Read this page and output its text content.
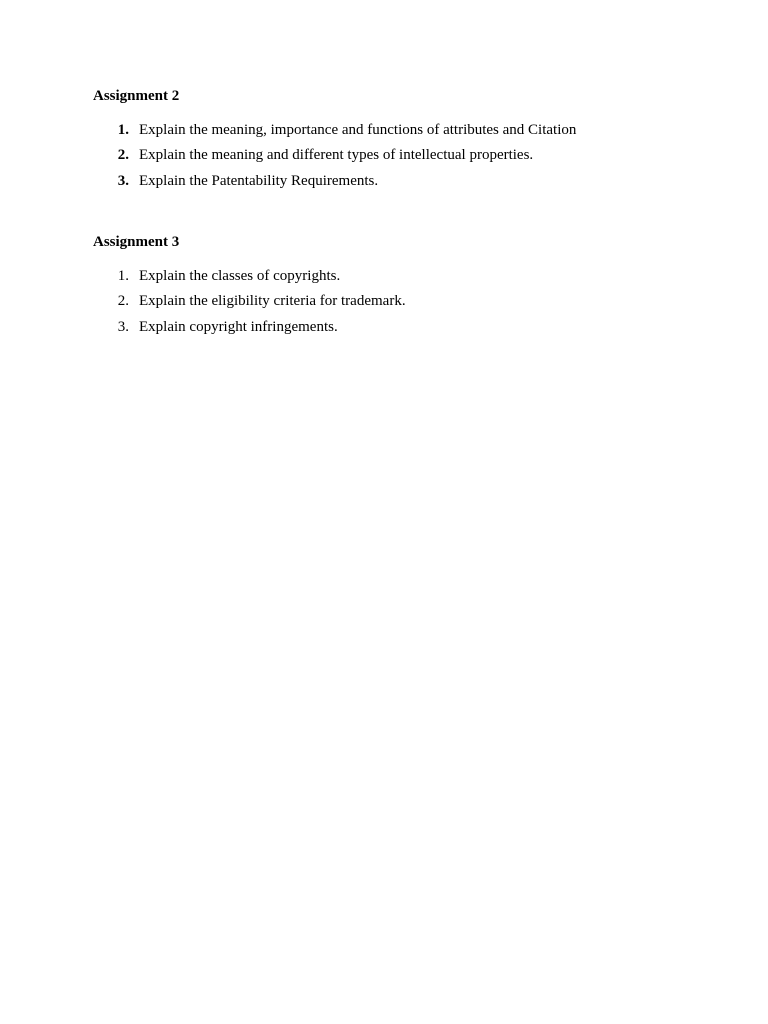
Assignment 2

1. Explain the meaning, importance and functions of attributes and Citation
2. Explain the meaning and different types of intellectual properties.
3. Explain the Patentability Requirements.

Assignment 3

1. Explain the classes of copyrights.
2. Explain the eligibility criteria for trademark.
3. Explain copyright infringements.
